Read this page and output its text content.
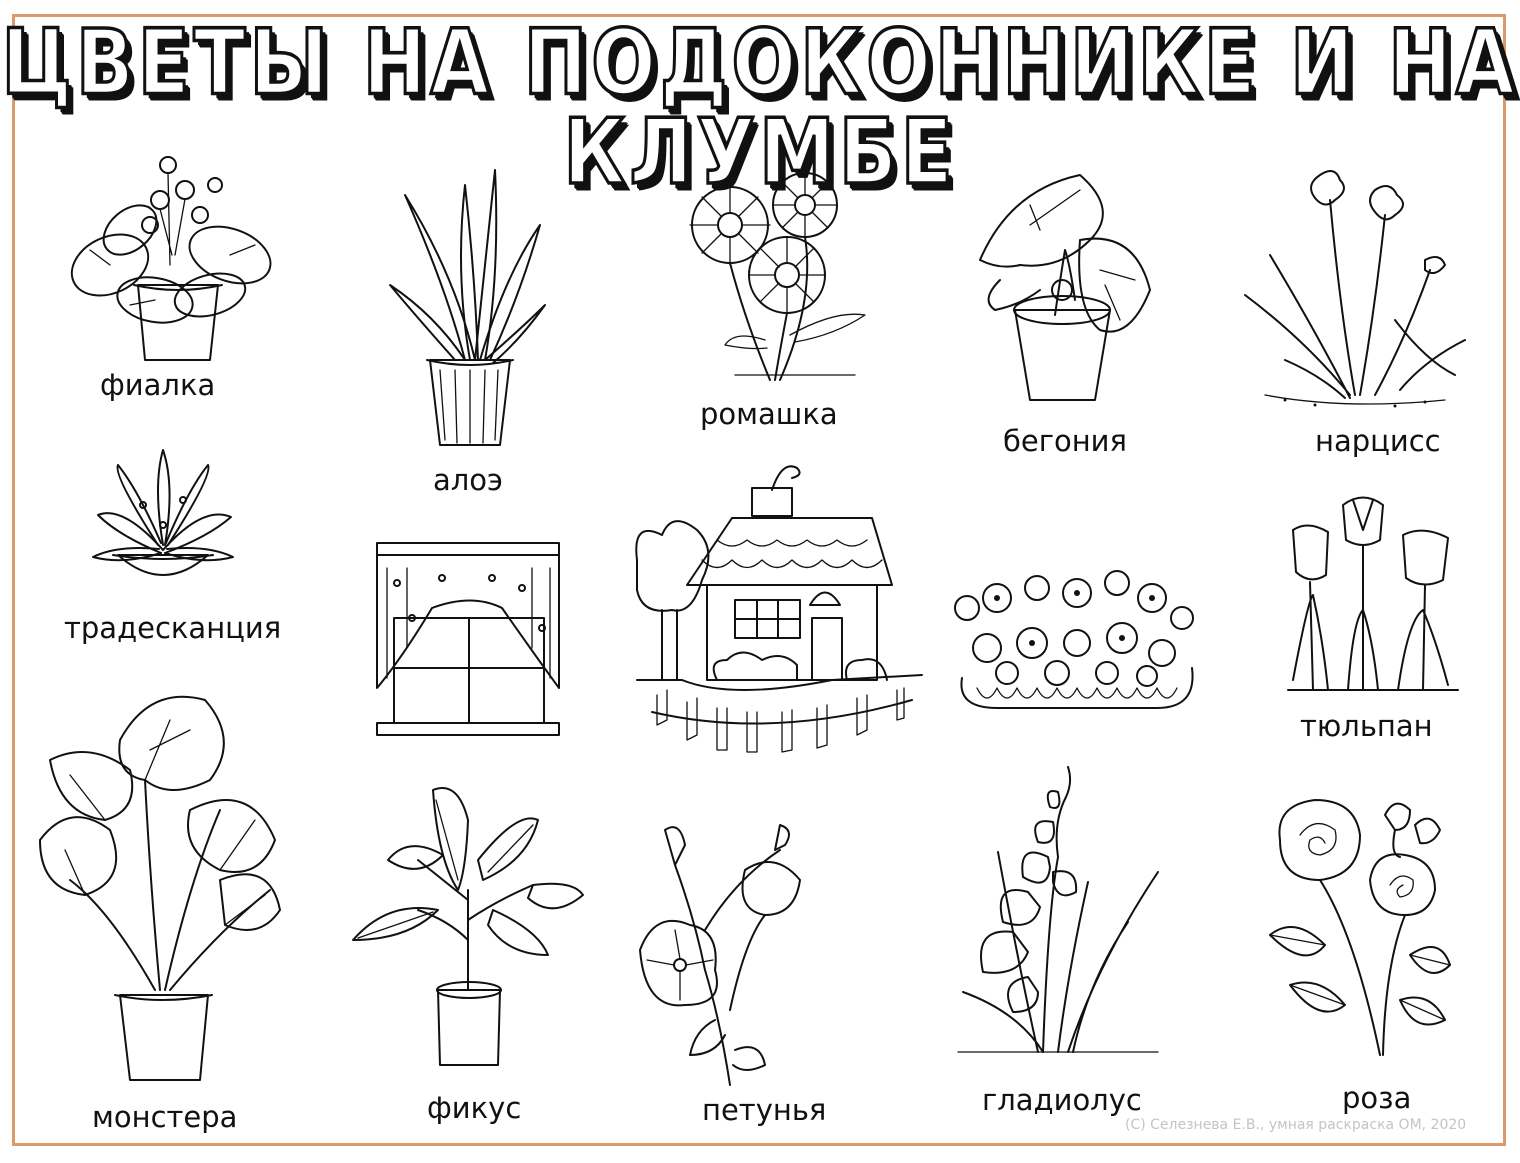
ЦВЕТЫ НА ПОДОКОННИКЕ И НА КЛУМБЕ
фиалка
алоэ
ромашка
бегония	нарцисс
традесканция
тюльпан
монстера	фикус	петунья	гладиолус	роза
(С) Селезнева Е.В., умная раскраска ОМ, 2020
